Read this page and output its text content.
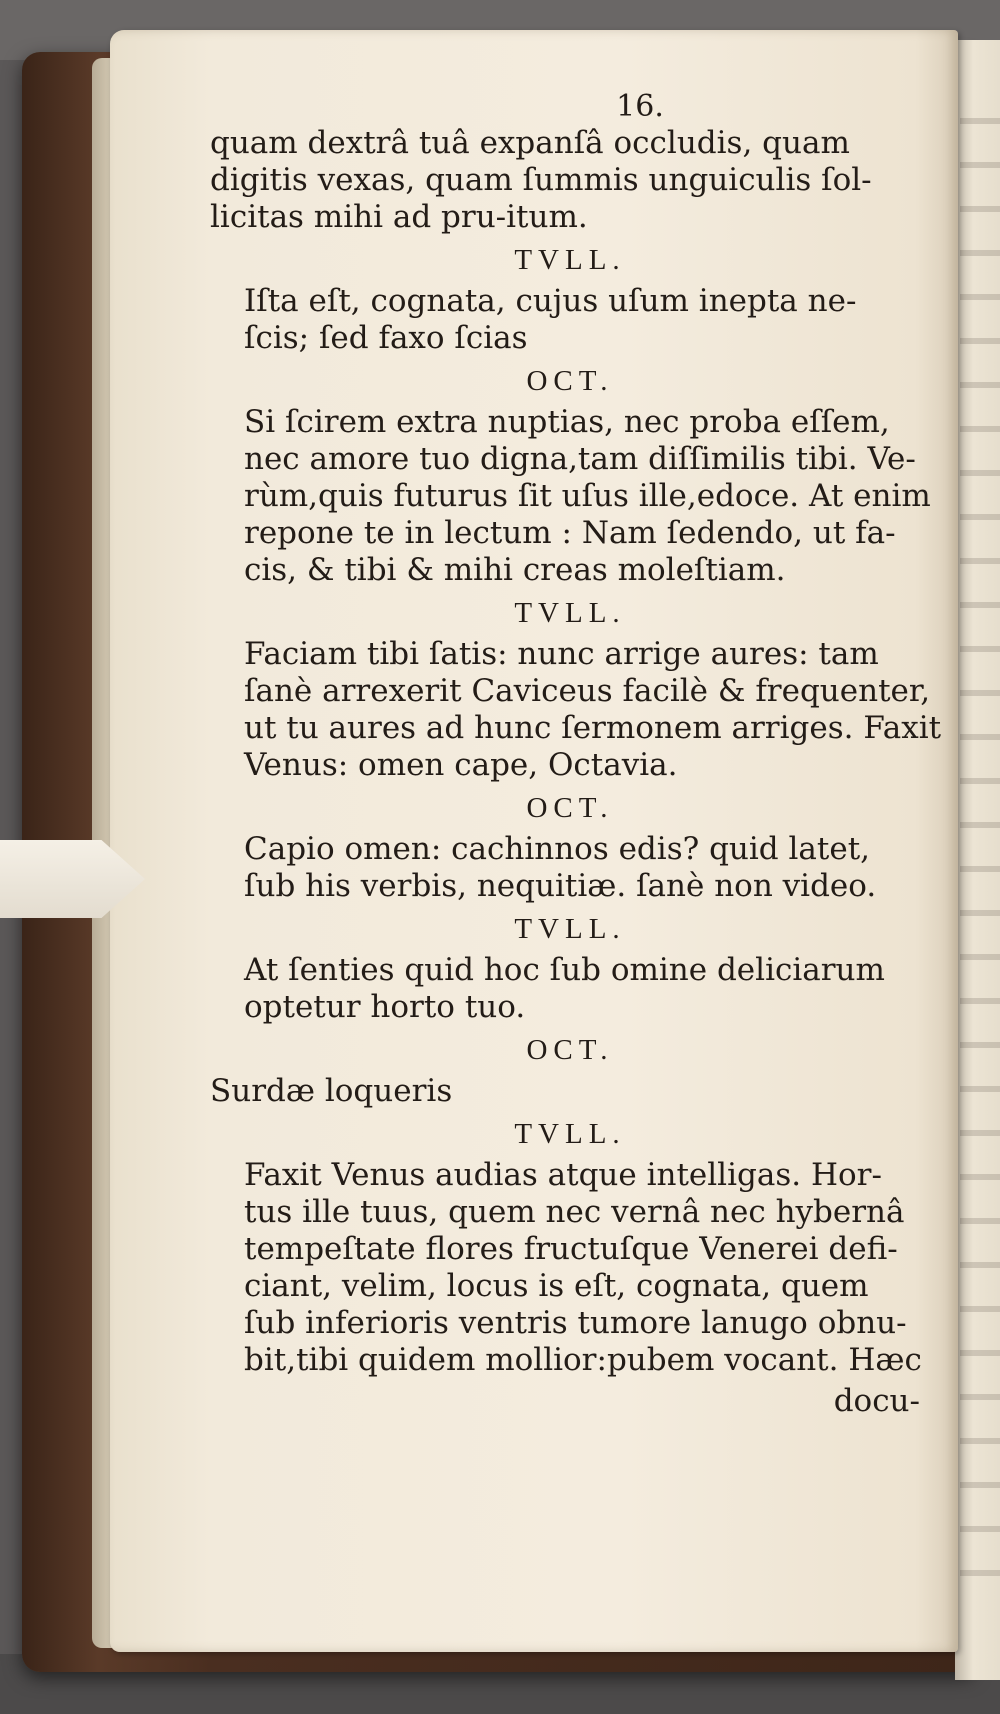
16.
quam dextrâ tuâ expanſâ occludis, quam
digitis vexas, quam ſummis unguiculis ſol-
licitas mihi ad pru-itum.
TVLL.
Iſta eſt, cognata, cujus uſum inepta ne-
ſcis; ſed faxo ſcias
OCT.
Si ſcirem extra nuptias, nec proba eſſem,
nec amore tuo digna,tam diſſimilis tibi. Ve-
rùm,quis futurus ſit uſus ille,edoce. At enim
repone te in lectum : Nam ſedendo, ut fa-
cis, & tibi & mihi creas moleſtiam.
TVLL.
Faciam tibi ſatis: nunc arrige aures: tam
ſanè arrexerit Caviceus facilè & frequenter,
ut tu aures ad hunc ſermonem arriges. Faxit
Venus: omen cape, Octavia.
OCT.
Capio omen: cachinnos edis? quid latet,
ſub his verbis, nequitiæ. ſanè non video.
TVLL.
At ſenties quid hoc ſub omine deliciarum
optetur horto tuo.
OCT.
Surdæ loqueris
TVLL.
Faxit Venus audias atque intelligas. Hor-
tus ille tuus, quem nec vernâ nec hybernâ
tempeſtate flores fructuſque Venerei defi-
ciant, velim, locus is eſt, cognata, quem
ſub inferioris ventris tumore lanugo obnu-
bit,tibi quidem mollior:pubem vocant. Hæc
docu-
